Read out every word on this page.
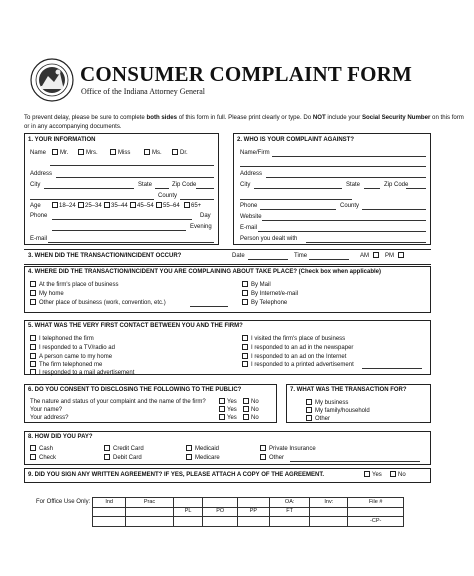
CONSUMER COMPLAINT FORM
Office of the Indiana Attorney General
To prevent delay, please be sure to complete both sides of this form in full. Please print clearly or type. Do NOT include your Social Security Number on this form or in any accompanying documents.
1. YOUR INFORMATION
Name Mr.	Mrs.	Miss	Ms.	Dr.
Address
City	State	Zip Code
County
Age	18–24 25–34 35–44 45–54 55–64 65+
Phone	Day
Evening
E-mail
2. WHO IS YOUR COMPLAINT AGAINST?
Name/Firm
Address
City	State	Zip Code
County
Phone
Website
E-mail
Person you dealt with
3. WHEN DID THE TRANSACTION/INCIDENT OCCUR?	Date	Time	AM	PM
4. WHERE DID THE TRANSACTION/INCIDENT YOU ARE COMPLAINING ABOUT TAKE PLACE? (Check box when applicable)
At the firm's place of business
My home
Other place of business (work, convention, etc.)
By Mail
By Internet/e-mail
By Telephone
5. WHAT WAS THE VERY FIRST CONTACT BETWEEN YOU AND THE FIRM?
I telephoned the firm
I responded to a TV/radio ad
A person came to my home
The firm telephoned me
I responded to a mail advertisement
I visited the firm's place of business
I responded to an ad in the newspaper
I responded to an ad on the Internet
I responded to a printed advertisement
6. DO YOU CONSENT TO DISCLOSING THE FOLLOWING TO THE PUBLIC?
The nature and status of your complaint and the name of the firm?	Yes No
Your name?	Yes No
Your address?	Yes No
7. WHAT WAS THE TRANSACTION FOR?
My business
My family/household
Other
8. HOW DID YOU PAY?
Cash	Credit Card	Medicaid	Private Insurance
Check	Debit Card	Medicare	Other
9. DID YOU SIGN ANY WRITTEN AGREEMENT? IF YES, PLEASE ATTACH A COPY OF THE AGREEMENT.	Yes	No
For Office Use Only:	Ind	Prac				OA:	Inv:	File #
		PL	PO	PP	FT		
							-CP-
